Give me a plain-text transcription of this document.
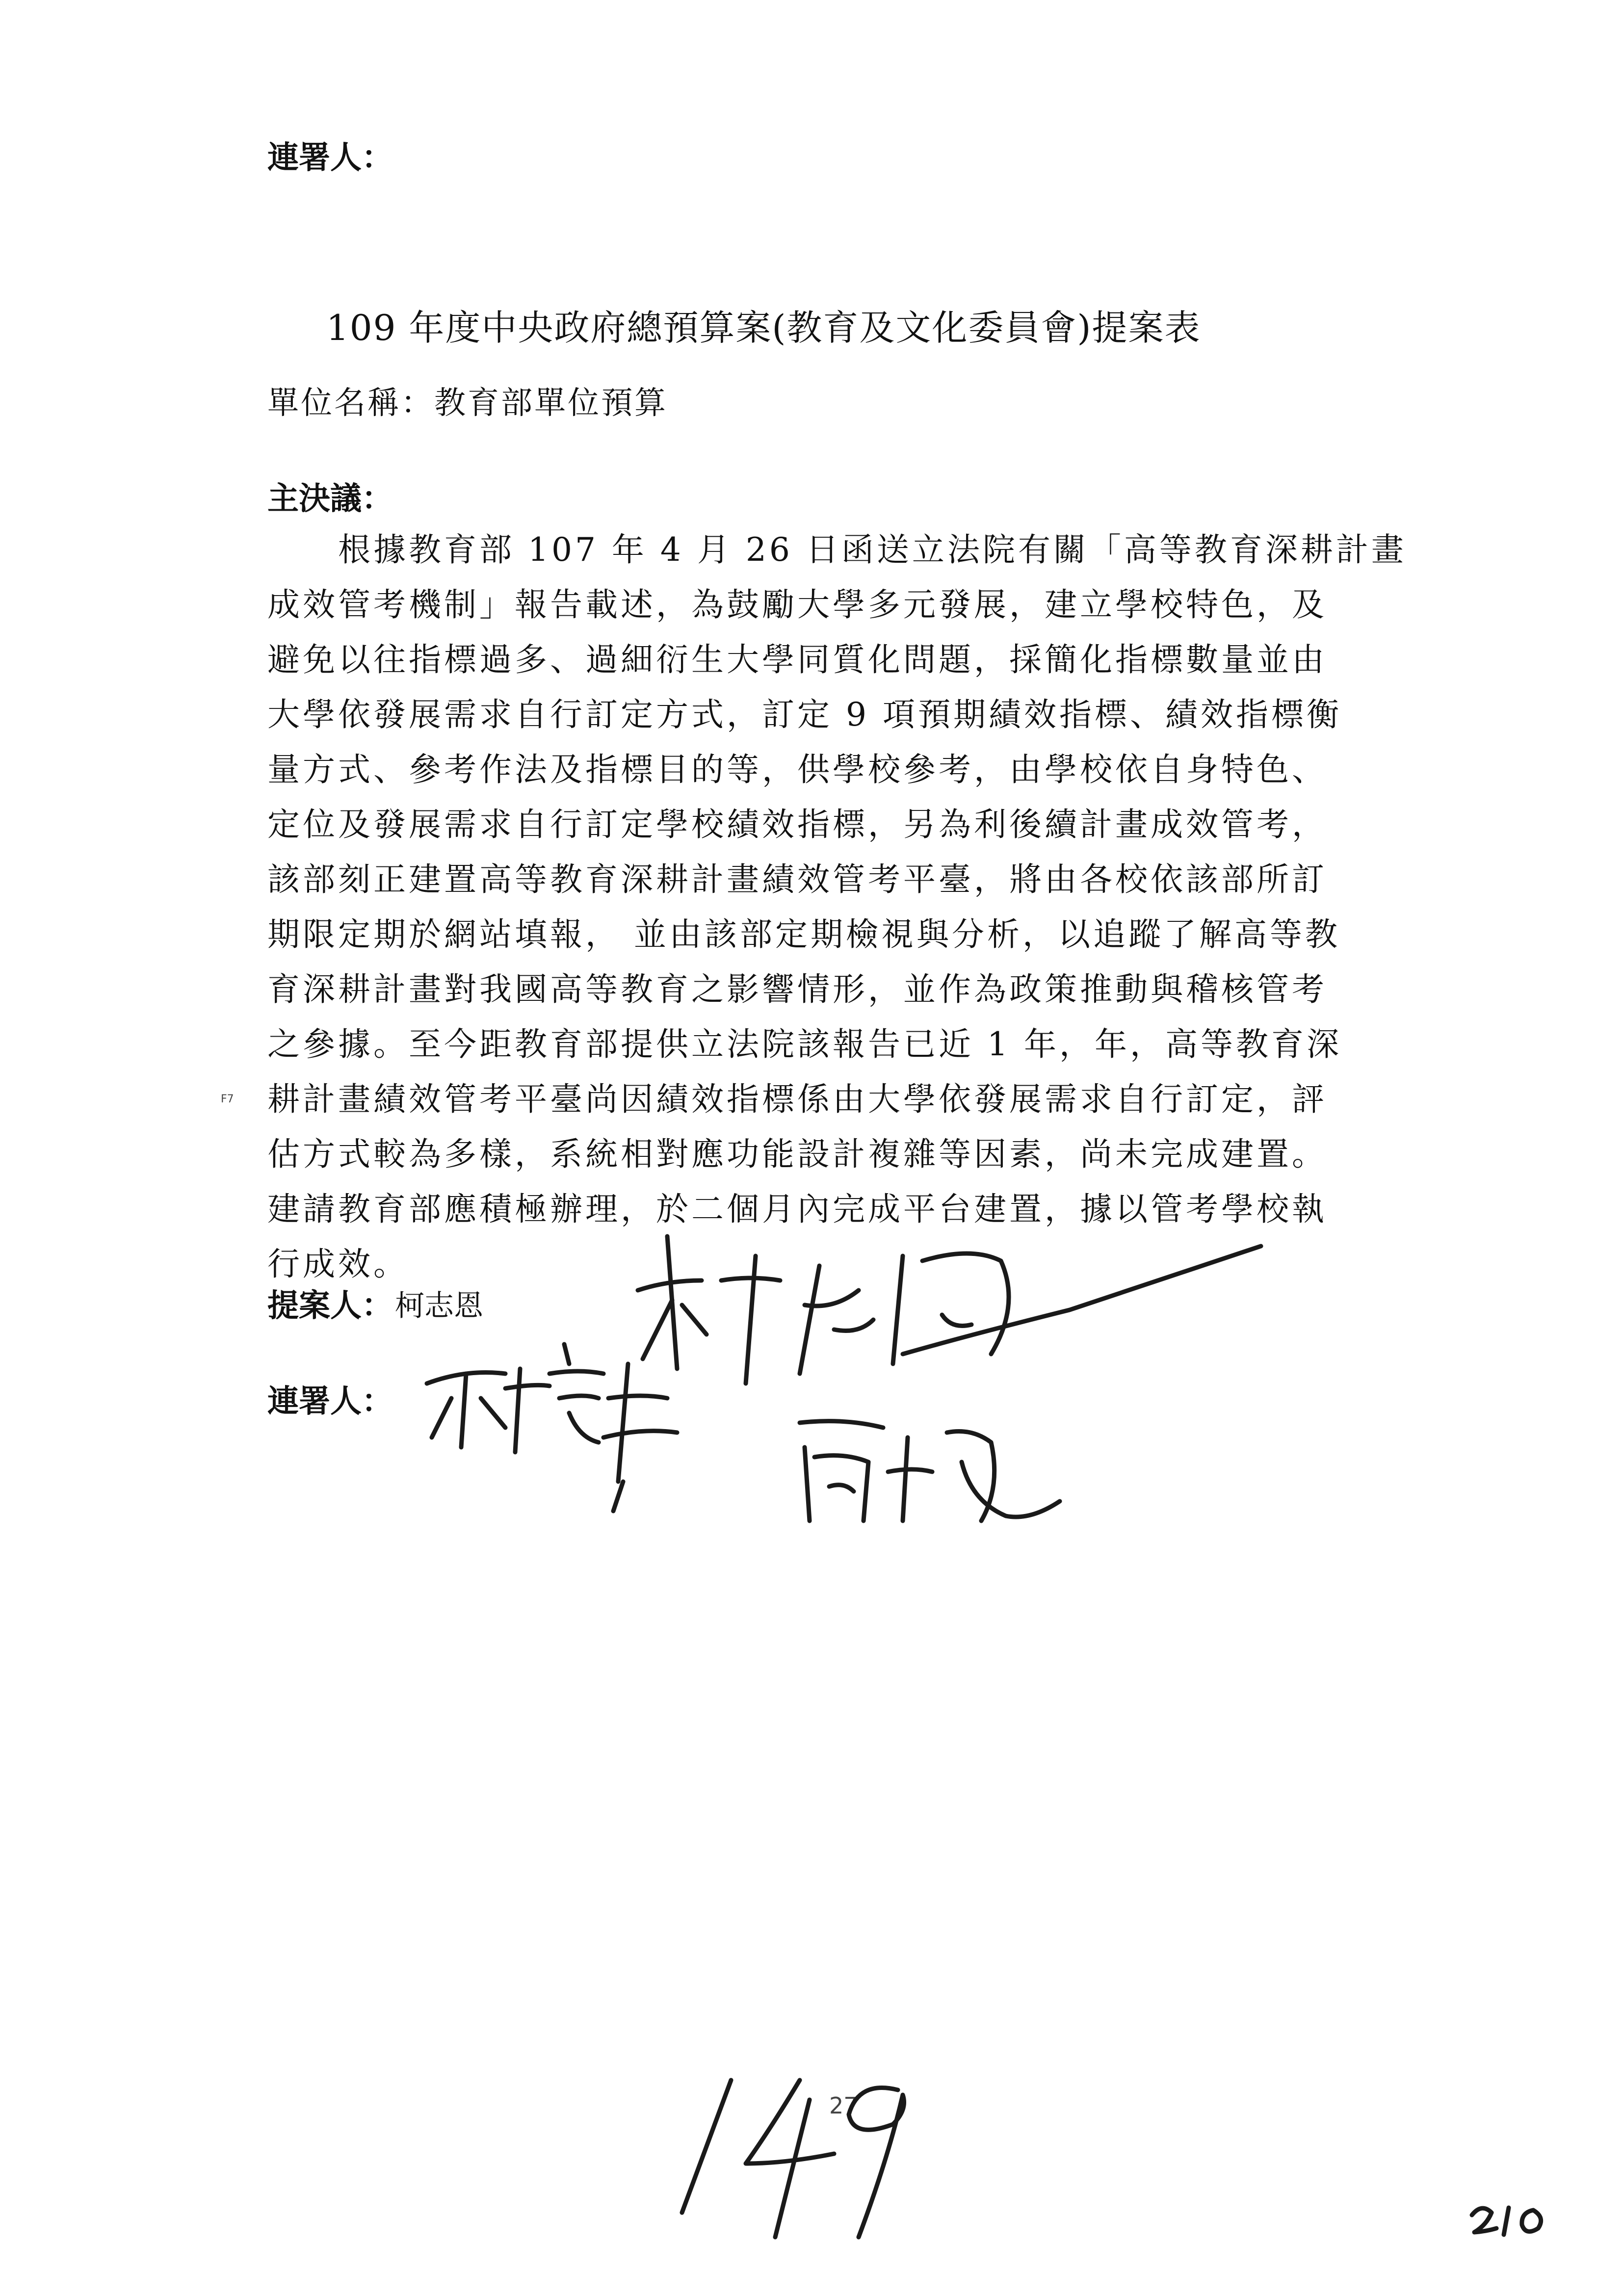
連署人：
109 年度中央政府總預算案(教育及文化委員會)提案表
單位名稱：教育部單位預算
主決議：
　　根據教育部 107 年 4 月 26 日函送立法院有關「高等教育深耕計畫
成效管考機制」報告載述，為鼓勵大學多元發展，建立學校特色，及
避免以往指標過多、過細衍生大學同質化問題，採簡化指標數量並由
大學依發展需求自行訂定方式，訂定 9 項預期績效指標、績效指標衡
量方式、參考作法及指標目的等，供學校參考，由學校依自身特色、
定位及發展需求自行訂定學校績效指標，另為利後續計畫成效管考，
該部刻正建置高等教育深耕計畫績效管考平臺，將由各校依該部所訂
期限定期於網站填報， 並由該部定期檢視與分析，以追蹤了解高等教
育深耕計畫對我國高等教育之影響情形，並作為政策推動與稽核管考
之參據。至今距教育部提供立法院該報告已近 1 年，年，高等教育深
耕計畫績效管考平臺尚因績效指標係由大學依發展需求自行訂定，評
估方式較為多樣，系統相對應功能設計複雜等因素，尚未完成建置。
建請教育部應積極辦理，於二個月內完成平台建置，據以管考學校執
行成效。
F7
提案人： 柯志恩
連署人：
27
